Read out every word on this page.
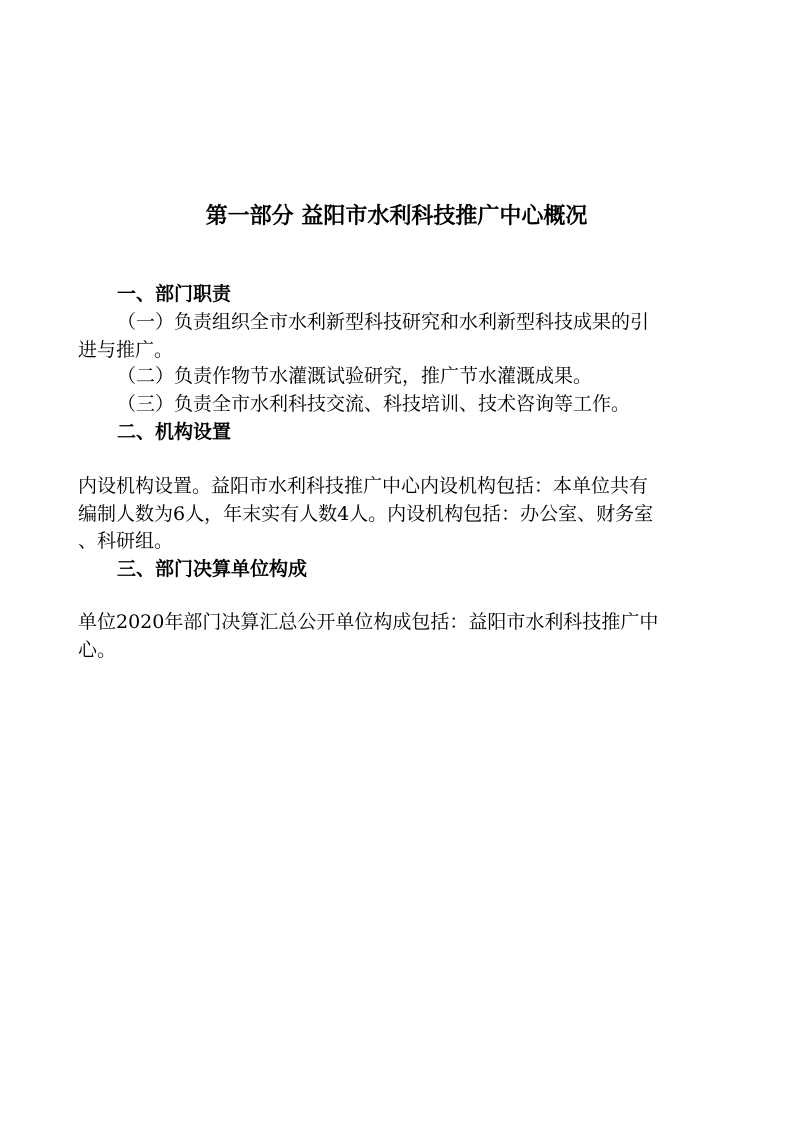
第一部分 益阳市水利科技推广中心概况
一、部门职责
（一）负责组织全市水利新型科技研究和水利新型科技成果的引
进与推广。
（二）负责作物节水灌溉试验研究，推广节水灌溉成果。
（三）负责全市水利科技交流、科技培训、技术咨询等工作。
二、机构设置
内设机构设置。益阳市水利科技推广中心内设机构包括：本单位共有
编制人数为6人，年末实有人数4人。内设机构包括：办公室、财务室
、科研组。
三、部门决算单位构成
单位2020年部门决算汇总公开单位构成包括：益阳市水利科技推广中
心。
